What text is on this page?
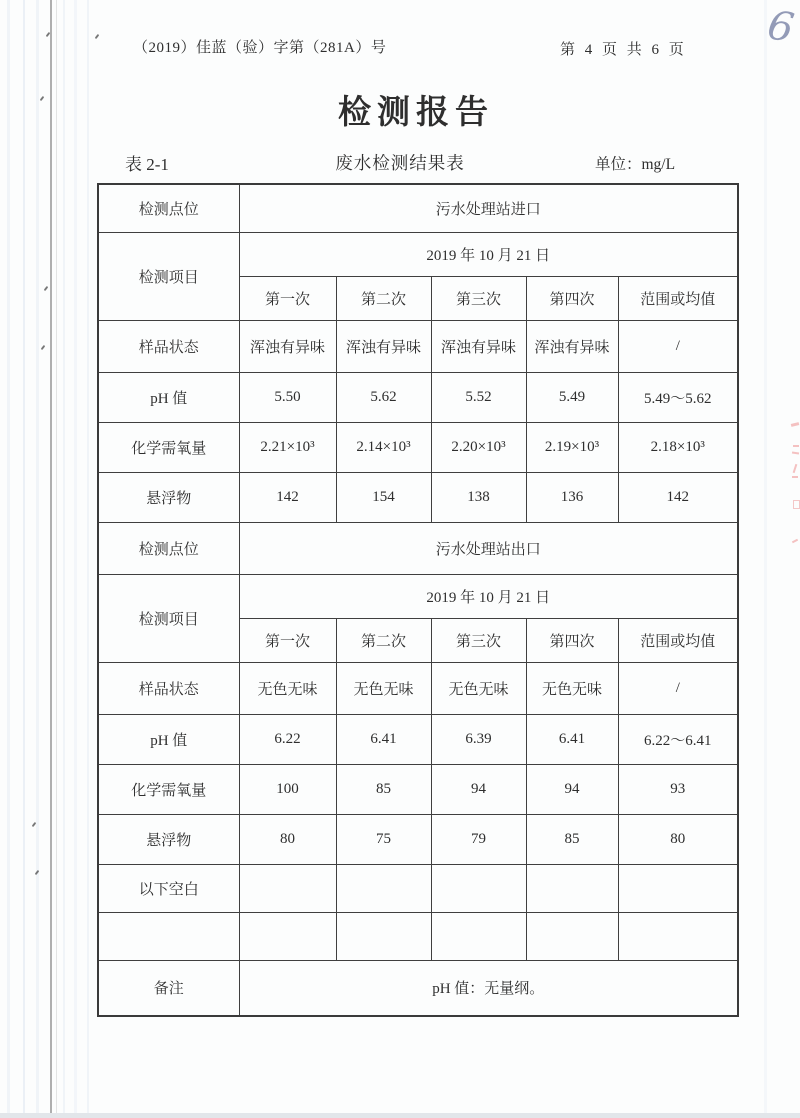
6
（2019）佳蓝（验）字第（281A）号	第 4 页 共 6 页
检测报告
表 2-1	废水检测结果表	单位：mg/L
检测点位	污水处理站进口				
检测项目	2019 年 10 月 21 日				
	第一次	第二次	第三次	第四次	范围或均值
样品状态	浑浊有异味	浑浊有异味	浑浊有异味	浑浊有异味	/
pH 值	5.50	5.62	5.52	5.49	5.49～5.62
化学需氧量	2.21×10³	2.14×10³	2.20×10³	2.19×10³	2.18×10³
悬浮物	142	154	138	136	142
检测点位	污水处理站出口				
检测项目	2019 年 10 月 21 日				
	第一次	第二次	第三次	第四次	范围或均值
样品状态	无色无味	无色无味	无色无味	无色无味	/
pH 值	6.22	6.41	6.39	6.41	6.22～6.41
化学需氧量	100	85	94	94	93
悬浮物	80	75	79	85	80
以下空白					

备注	pH 值：无量纲。				
